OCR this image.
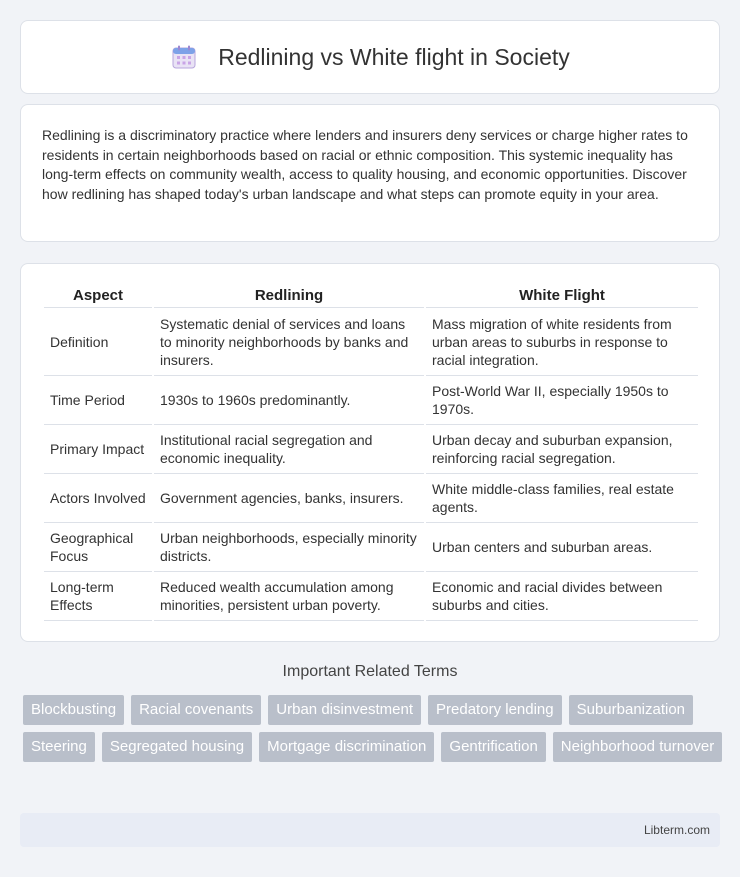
Redlining vs White flight in Society

Redlining is a discriminatory practice where lenders and insurers deny services or charge higher rates to residents in certain neighborhoods based on racial or ethnic composition. This systemic inequality has long-term effects on community wealth, access to quality housing, and economic opportunities. Discover how redlining has shaped today's urban landscape and what steps can promote equity in your area.

Aspect	Redlining	White Flight
Definition	Systematic denial of services and loans to minority neighborhoods by banks and insurers.	Mass migration of white residents from urban areas to suburbs in response to racial integration.
Time Period	1930s to 1960s predominantly.	Post-World War II, especially 1950s to 1970s.
Primary Impact	Institutional racial segregation and economic inequality.	Urban decay and suburban expansion, reinforcing racial segregation.
Actors Involved	Government agencies, banks, insurers.	White middle-class families, real estate agents.
Geographical Focus	Urban neighborhoods, especially minority districts.	Urban centers and suburban areas.
Long-term Effects	Reduced wealth accumulation among minorities, persistent urban poverty.	Economic and racial divides between suburbs and cities.
Important Related Terms
Blockbusting	Racial covenants	Urban disinvestment	Predatory lending	Suburbanization
Steering	Segregated housing	Mortgage discrimination	Gentrification	Neighborhood turnover
Libterm.com
